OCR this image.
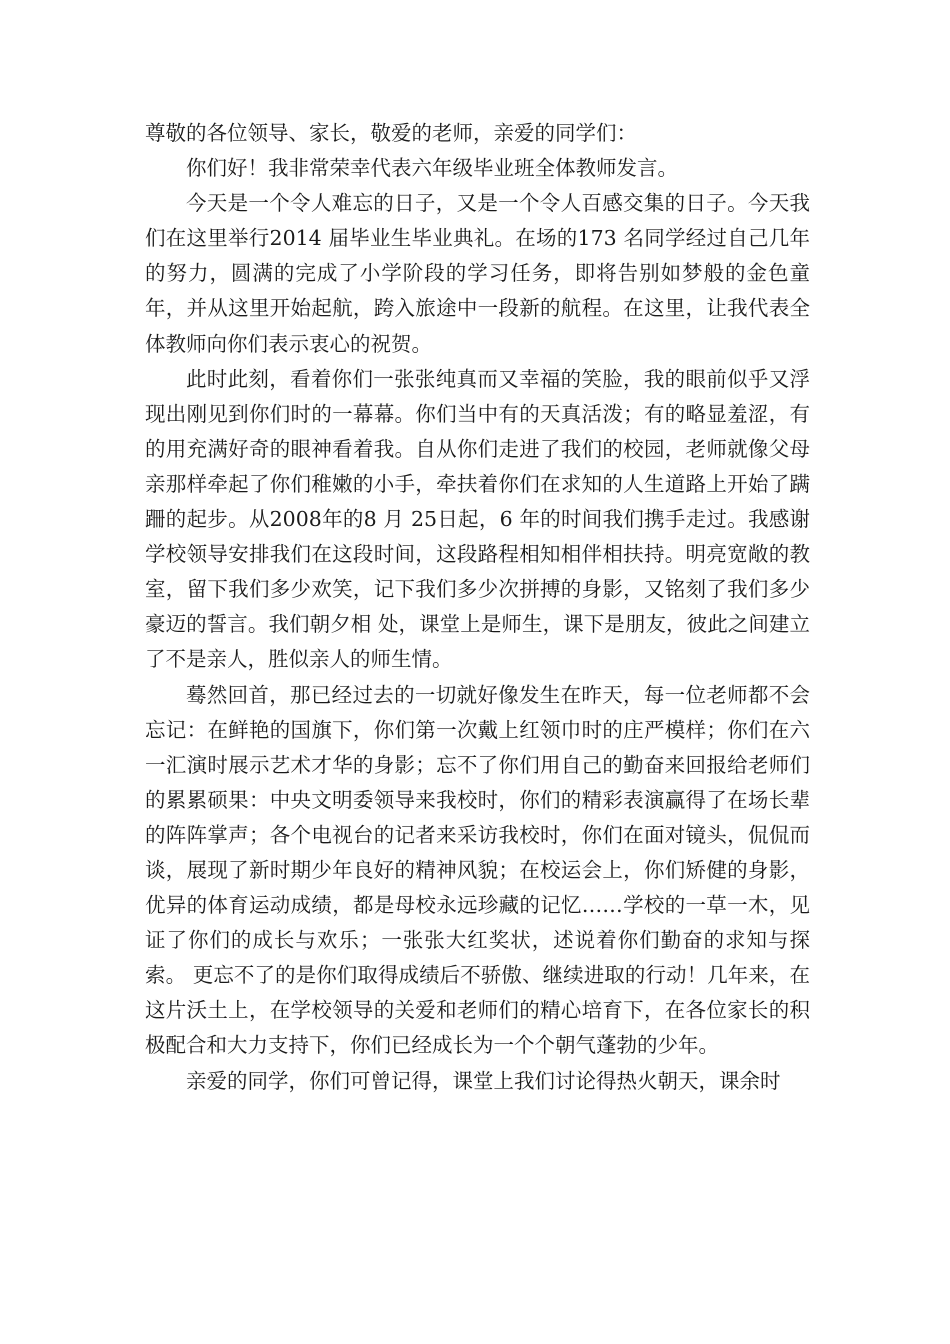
尊敬的各位领导、家长，敬爱的老师，亲爱的同学们：

你们好！我非常荣幸代表六年级毕业班全体教师发言。

今天是一个令人难忘的日子，又是一个令人百感交集的日子。今天我们在这里举行2014 届毕业生毕业典礼。在场的173 名同学经过自己几年的努力，圆满的完成了小学阶段的学习任务，即将告别如梦般的金色童年，并从这里开始起航，跨入旅途中一段新的航程。在这里，让我代表全体教师向你们表示衷心的祝贺。

此时此刻，看着你们一张张纯真而又幸福的笑脸，我的眼前似乎又浮现出刚见到你们时的一幕幕。你们当中有的天真活泼；有的略显羞涩，有的用充满好奇的眼神看着我。自从你们走进了我们的校园，老师就像父母亲那样牵起了你们稚嫩的小手，牵扶着你们在求知的人生道路上开始了蹒跚的起步。从2008年的8 月 25日起，6 年的时间我们携手走过。我感谢学校领导安排我们在这段时间，这段路程相知相伴相扶持。明亮宽敞的教室，留下我们多少欢笑，记下我们多少次拼搏的身影，又铭刻了我们多少豪迈的誓言。我们朝夕相 处，课堂上是师生，课下是朋友，彼此之间建立了不是亲人，胜似亲人的师生情。

蓦然回首，那已经过去的一切就好像发生在昨天，每一位老师都不会忘记：在鲜艳的国旗下，你们第一次戴上红领巾时的庄严模样；你们在六一汇演时展示艺术才华的身影；忘不了你们用自己的勤奋来回报给老师们的累累硕果：中央文明委领导来我校时，你们的精彩表演赢得了在场长辈的阵阵掌声；各个电视台的记者来采访我校时，你们在面对镜头，侃侃而谈，展现了新时期少年良好的精神风貌；在校运会上，你们矫健的身影，优异的体育运动成绩，都是母校永远珍藏的记忆……学校的一草一木，见证了你们的成长与欢乐；一张张大红奖状，述说着你们勤奋的求知与探索。 更忘不了的是你们取得成绩后不骄傲、继续进取的行动！几年来，在这片沃土上，在学校领导的关爱和老师们的精心培育下，在各位家长的积极配合和大力支持下，你们已经成长为一个个朝气蓬勃的少年。

亲爱的同学，你们可曾记得，课堂上我们讨论得热火朝天，课余时
